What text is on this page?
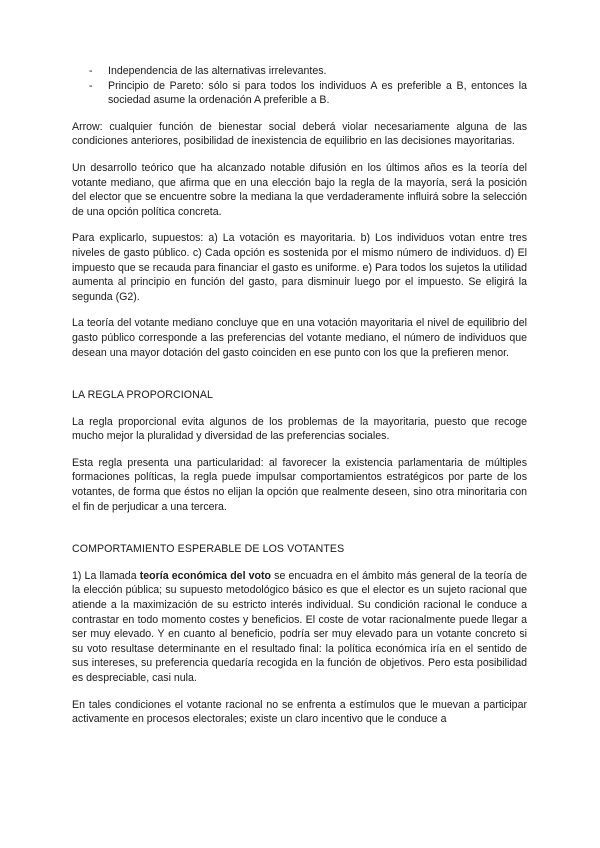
- Independencia de las alternativas irrelevantes.
- Principio de Pareto: sólo si para todos los individuos A es preferible a B, entonces la sociedad asume la ordenación A preferible a B.

Arrow: cualquier función de bienestar social deberá violar necesariamente alguna de las condiciones anteriores, posibilidad de inexistencia de equilibrio en las decisiones mayoritarias.

Un desarrollo teórico que ha alcanzado notable difusión en los últimos años es la teoría del votante mediano, que afirma que en una elección bajo la regla de la mayoría, será la posición del elector que se encuentre sobre la mediana la que verdaderamente influirá sobre la selección de una opción política concreta.

Para explicarlo, supuestos: a) La votación es mayoritaria. b) Los individuos votan entre tres niveles de gasto público. c) Cada opción es sostenida por el mismo número de individuos. d) El impuesto que se recauda para financiar el gasto es uniforme. e) Para todos los sujetos la utilidad aumenta al principio en función del gasto, para disminuir luego por el impuesto. Se eligirá la segunda (G2).

La teoría del votante mediano concluye que en una votación mayoritaria el nivel de equilibrio del gasto público corresponde a las preferencias del votante mediano, el número de individuos que desean una mayor dotación del gasto coinciden en ese punto con los que la prefieren menor.

LA REGLA PROPORCIONAL

La regla proporcional evita algunos de los problemas de la mayoritaria, puesto que recoge mucho mejor la pluralidad y diversidad de las preferencias sociales.

Esta regla presenta una particularidad: al favorecer la existencia parlamentaria de múltiples formaciones políticas, la regla puede impulsar comportamientos estratégicos por parte de los votantes, de forma que éstos no elijan la opción que realmente deseen, sino otra minoritaria con el fin de perjudicar a una tercera.

COMPORTAMIENTO ESPERABLE DE LOS VOTANTES

1) La llamada teoría económica del voto se encuadra en el ámbito más general de la teoría de la elección pública; su supuesto metodológico básico es que el elector es un sujeto racional que atiende a la maximización de su estricto interés individual. Su condición racional le conduce a contrastar en todo momento costes y beneficios. El coste de votar racionalmente puede llegar a ser muy elevado. Y en cuanto al beneficio, podría ser muy elevado para un votante concreto si su voto resultase determinante en el resultado final: la política económica iría en el sentido de sus intereses, su preferencia quedaría recogida en la función de objetivos. Pero esta posibilidad es despreciable, casi nula.

En tales condiciones el votante racional no se enfrenta a estímulos que le muevan a participar activamente en procesos electorales; existe un claro incentivo que le conduce a
